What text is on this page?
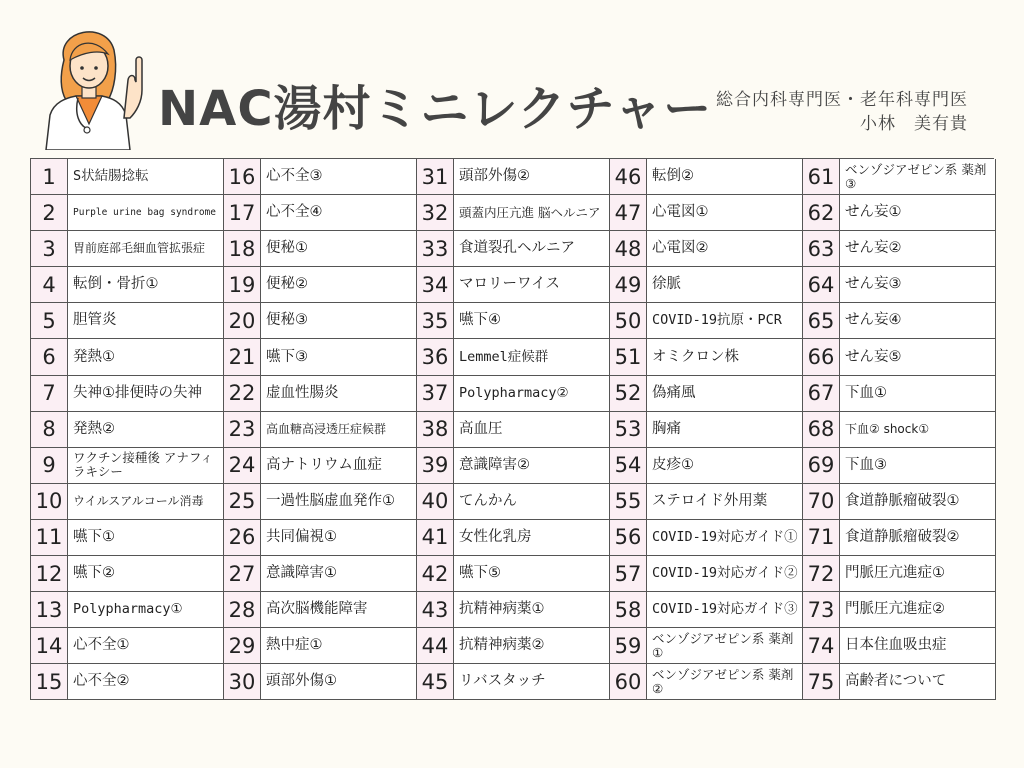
NAC湯村ミニレクチャー 総合内科専門医・老年科専門医
小林　美有貴
1	S状結腸捻転
2	Purple urine bag syndrome
3	胃前庭部毛細血管拡張症
4	転倒・骨折①
5	胆管炎
6	発熱①
7	失神①排便時の失神
8	発熱②
9	ワクチン接種後 アナフィラキシー
10 ウイルスアルコール消毒
11 嚥下①
12 嚥下②
13 Polypharmacy①
14 心不全①
15 心不全②
16 心不全③
17 心不全④
18 便秘①
19 便秘②
20 便秘③
21 嚥下③
22 虚血性腸炎
23 高血糖高浸透圧症候群
24 高ナトリウム血症
25 一過性脳虚血発作①
26 共同偏視①
27 意識障害①
28 高次脳機能障害
29 熱中症①
30 頭部外傷①
31 頭部外傷②
32 頭蓋内圧亢進 脳ヘルニア
33 食道裂孔ヘルニア
34 マロリーワイス
35 嚥下④
36 Lemmel症候群
37 Polypharmacy②
38 高血圧
39 意識障害②
40 てんかん
41 女性化乳房
42 嚥下⑤
43 抗精神病薬①
44 抗精神病薬②
45 リバスタッチ
46 転倒②
47 心電図①
48 心電図②
49 徐脈
50 COVID-19抗原・PCR
51 オミクロン株
52 偽痛風
53 胸痛
54 皮疹①
55 ステロイド外用薬
56 COVID-19対応ガイド①
57 COVID-19対応ガイド②
58 COVID-19対応ガイド③
59 ベンゾジアゼピン系 薬剤①
60 ベンゾジアゼピン系 薬剤②
61 ベンゾジアゼピン系 薬剤③
62 せん妄①
63 せん妄②
64 せん妄③
65 せん妄④
66 せん妄⑤
67 下血①
68 下血② shock①
69 下血③
70 食道静脈瘤破裂①
71 食道静脈瘤破裂②
72 門脈圧亢進症①
73 門脈圧亢進症②
74 日本住血吸虫症
75 高齢者について
